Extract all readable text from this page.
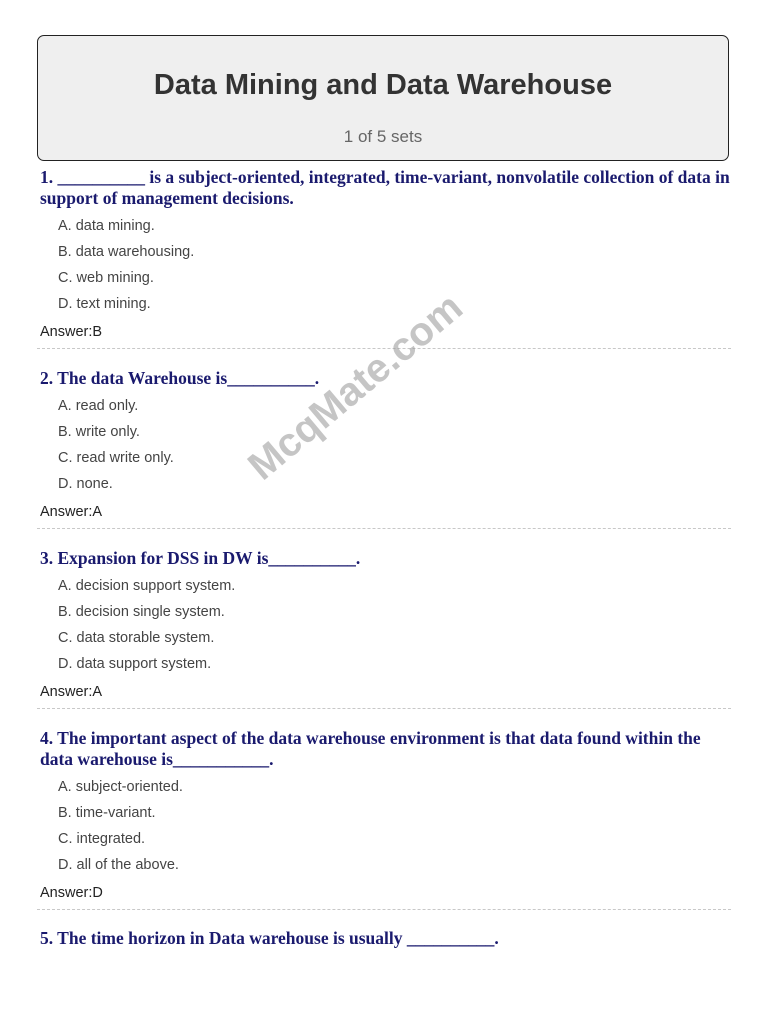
Data Mining and Data Warehouse
1 of 5 sets

1. __________ is a subject-oriented, integrated, time-variant, nonvolatile collection of data in support of management decisions.

A. data mining.
B. data warehousing.
C. web mining.
D. text mining.
Answer:B

2. The data Warehouse is__________.

A. read only.
B. write only.
C. read write only.
D. none.
Answer:A

3. Expansion for DSS in DW is__________.

A. decision support system.
B. decision single system.
C. data storable system.
D. data support system.
Answer:A

4. The important aspect of the data warehouse environment is that data found within the data warehouse is___________.

A. subject-oriented.
B. time-variant.
C. integrated.
D. all of the above.
Answer:D

5. The time horizon in Data warehouse is usually __________.

McqMate.com
